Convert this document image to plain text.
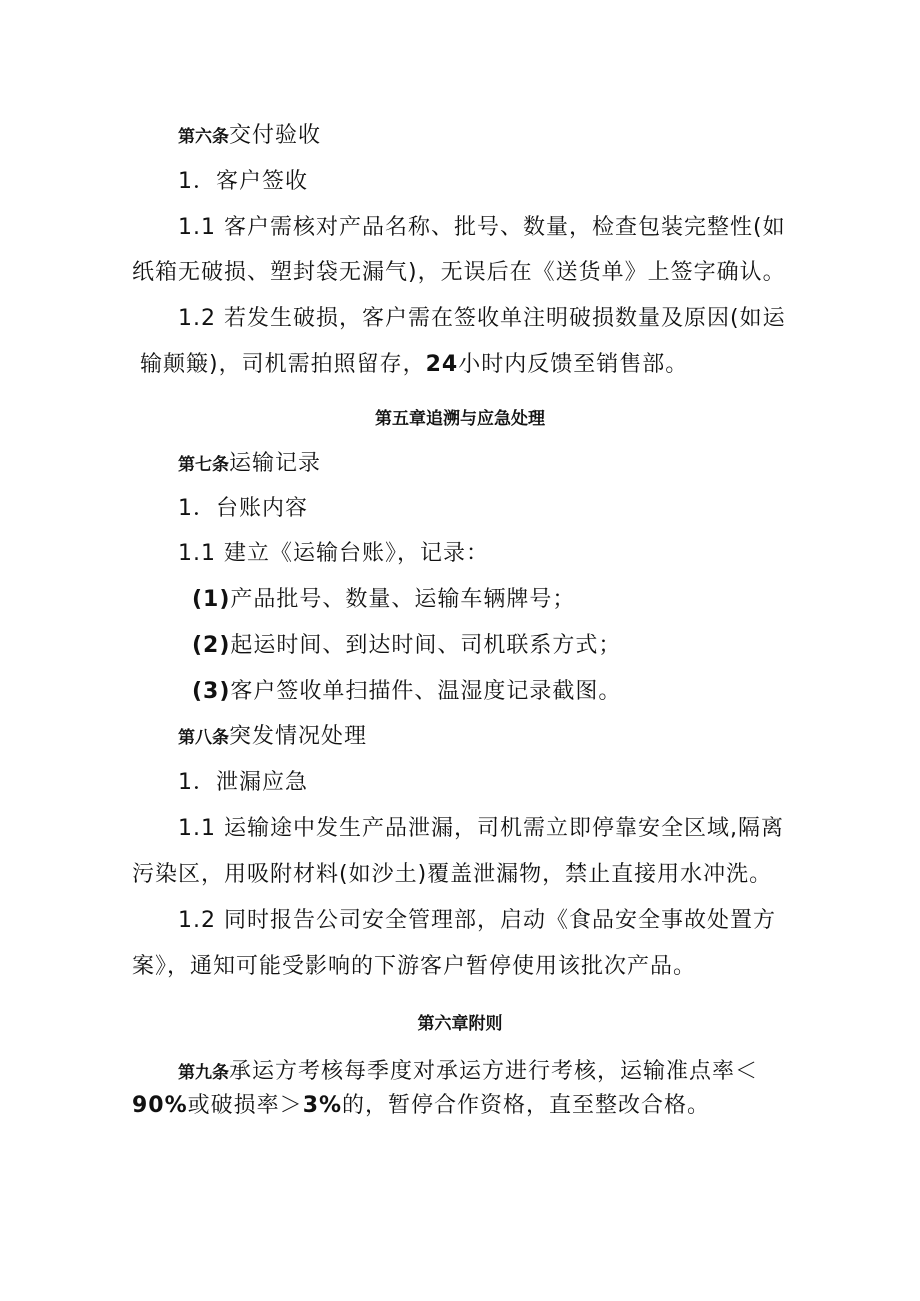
第六条交付验收
1．客户签收
1.1 客户需核对产品名称、批号、数量，检查包装完整性(如
纸箱无破损、塑封袋无漏气)，无误后在《送货单》上签字确认。
1.2 若发生破损，客户需在签收单注明破损数量及原因(如运
输颠簸)，司机需拍照留存，24小时内反馈至销售部。
第五章追溯与应急处理
第七条运输记录
1．台账内容
1.1 建立《运输台账》，记录：
(1)产品批号、数量、运输车辆牌号；
(2)起运时间、到达时间、司机联系方式；
(3)客户签收单扫描件、温湿度记录截图。
第八条突发情况处理
1．泄漏应急
1.1 运输途中发生产品泄漏，司机需立即停靠安全区域,隔离
污染区，用吸附材料(如沙土)覆盖泄漏物，禁止直接用水冲洗。
1.2 同时报告公司安全管理部，启动《食品安全事故处置方
案》，通知可能受影响的下游客户暂停使用该批次产品。
第六章附则
第九条承运方考核每季度对承运方进行考核，运输准点率＜
90%或破损率＞3%的，暂停合作资格，直至整改合格。
